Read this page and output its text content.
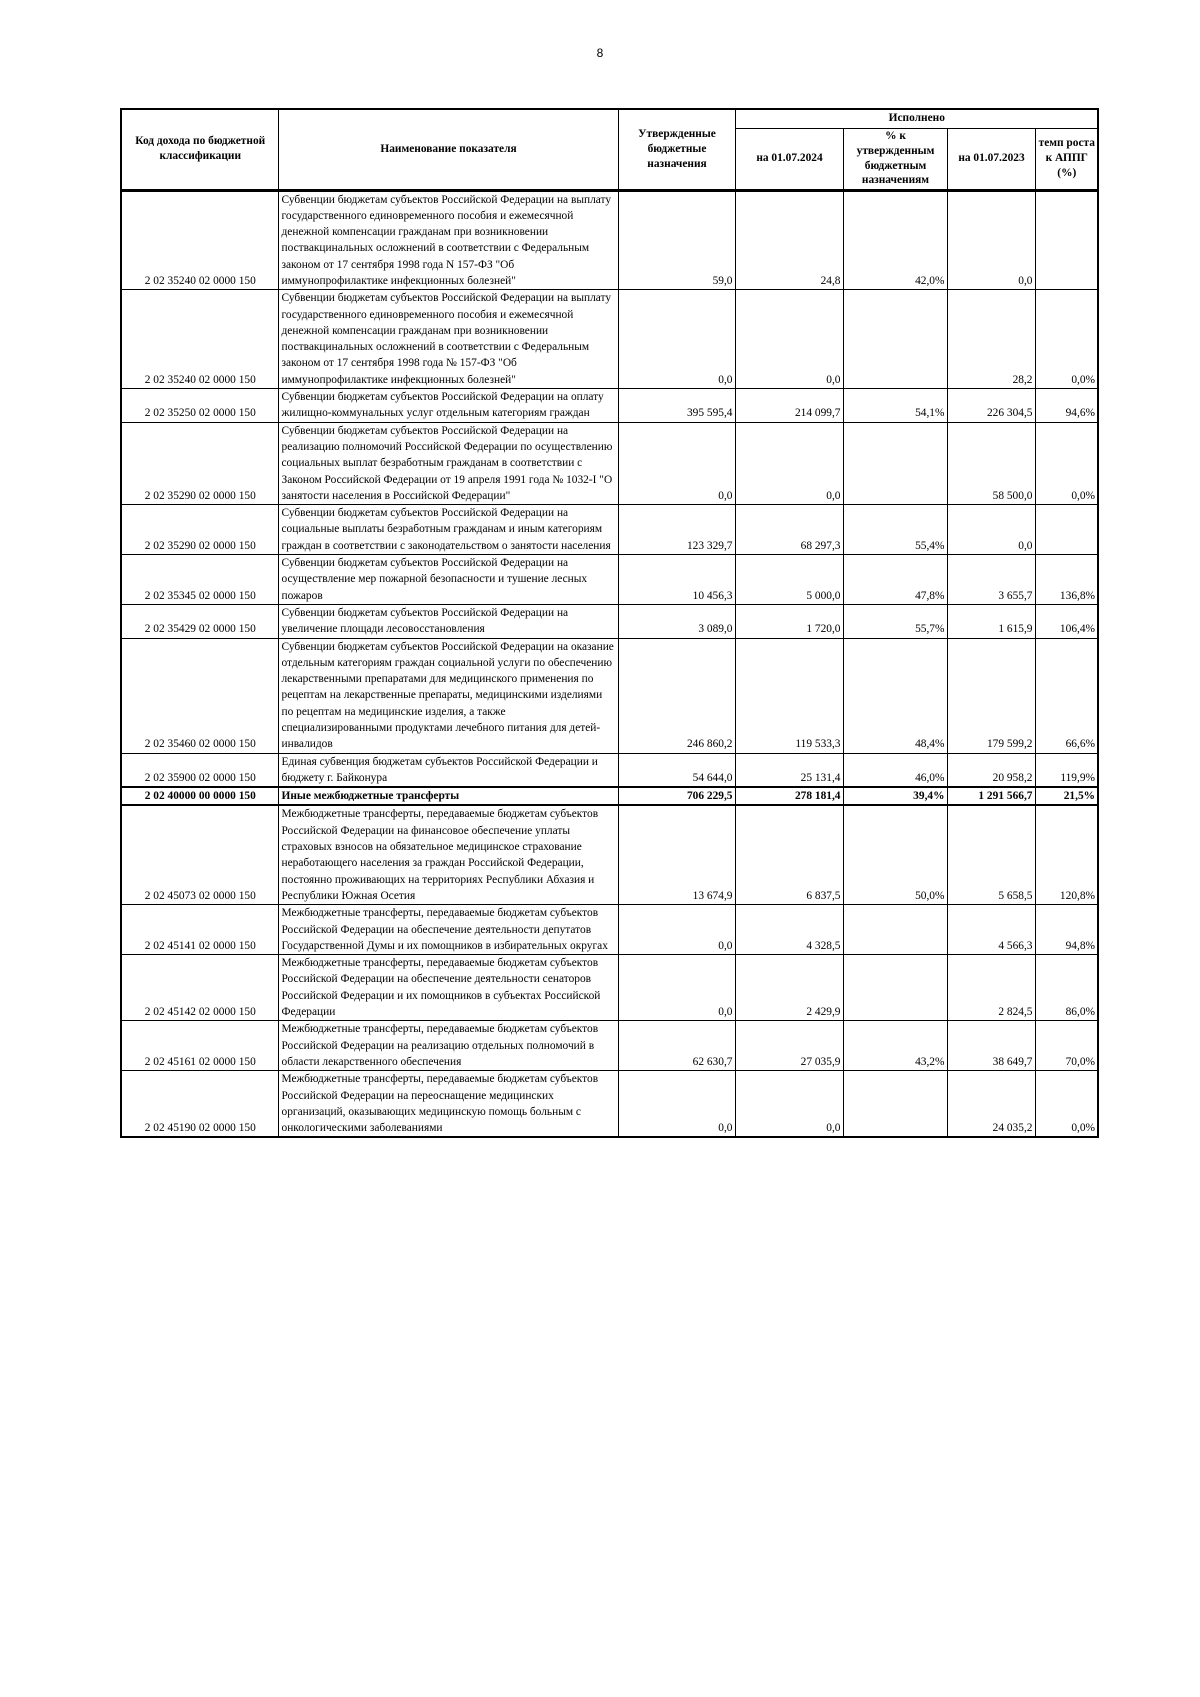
8
Код дохода по бюджетной классификации	Наименование показателя	Утвержденные бюджетные назначения	Исполнено			
			на 01.07.2024	% к утвержденным бюджетным назначениям	на 01.07.2023	темп роста к АППГ (%)
2 02 35240 02 0000 150	Субвенции бюджетам субъектов Российской Федерации на выплату государственного единовременного пособия и ежемесячной денежной компенсации гражданам при возникновении поствакцинальных осложнений в соответствии с Федеральным законом от 17 сентября 1998 года N 157-ФЗ "Об иммунопрофилактике инфекционных болезней"	59,0	24,8	42,0%	0,0	
2 02 35240 02 0000 150	Субвенции бюджетам субъектов Российской Федерации на выплату государственного единовременного пособия и ежемесячной денежной компенсации гражданам при возникновении поствакцинальных осложнений в соответствии с Федеральным законом от 17 сентября 1998 года № 157-ФЗ "Об иммунопрофилактике инфекционных болезней"	0,0	0,0		28,2	0,0%
2 02 35250 02 0000 150	Субвенции бюджетам субъектов Российской Федерации на оплату жилищно-коммунальных услуг отдельным категориям граждан	395 595,4	214 099,7	54,1%	226 304,5	94,6%
2 02 35290 02 0000 150	Субвенции бюджетам субъектов Российской Федерации на реализацию полномочий Российской Федерации по осуществлению социальных выплат безработным гражданам в соответствии с Законом Российской Федерации от 19 апреля 1991 года № 1032-I "О занятости населения в Российской Федерации"	0,0	0,0		58 500,0	0,0%
2 02 35290 02 0000 150	Субвенции бюджетам субъектов Российской Федерации на социальные выплаты безработным гражданам и иным категориям граждан в соответствии с законодательством о занятости населения	123 329,7	68 297,3	55,4%	0,0	
2 02 35345 02 0000 150	Субвенции бюджетам субъектов Российской Федерации на осуществление мер пожарной безопасности и тушение лесных пожаров	10 456,3	5 000,0	47,8%	3 655,7	136,8%
2 02 35429 02 0000 150	Субвенции бюджетам субъектов Российской Федерации на увеличение площади лесовосстановления	3 089,0	1 720,0	55,7%	1 615,9	106,4%
2 02 35460 02 0000 150	Субвенции бюджетам субъектов Российской Федерации на оказание отдельным категориям граждан социальной услуги по обеспечению лекарственными препаратами для медицинского применения по рецептам на лекарственные препараты, медицинскими изделиями по рецептам на медицинские изделия, а также специализированными продуктами лечебного питания для детей-инвалидов	246 860,2	119 533,3	48,4%	179 599,2	66,6%
2 02 35900 02 0000 150	Единая субвенция бюджетам субъектов Российской Федерации и бюджету г. Байконура	54 644,0	25 131,4	46,0%	20 958,2	119,9%
2 02 40000 00 0000 150	Иные межбюджетные трансферты	706 229,5	278 181,4	39,4%	1 291 566,7	21,5%
2 02 45073 02 0000 150	Межбюджетные трансферты, передаваемые бюджетам субъектов Российской Федерации на финансовое обеспечение уплаты страховых взносов на обязательное медицинское страхование неработающего населения за граждан Российской Федерации, постоянно проживающих на территориях Республики Абхазия и Республики Южная Осетия	13 674,9	6 837,5	50,0%	5 658,5	120,8%
2 02 45141 02 0000 150	Межбюджетные трансферты, передаваемые бюджетам субъектов Российской Федерации на обеспечение деятельности депутатов Государственной Думы и их помощников в избирательных округах	0,0	4 328,5		4 566,3	94,8%
2 02 45142 02 0000 150	Межбюджетные трансферты, передаваемые бюджетам субъектов Российской Федерации на обеспечение деятельности сенаторов Российской Федерации и их помощников в субъектах Российской Федерации	0,0	2 429,9		2 824,5	86,0%
2 02 45161 02 0000 150	Межбюджетные трансферты, передаваемые бюджетам субъектов Российской Федерации на реализацию отдельных полномочий в области лекарственного обеспечения	62 630,7	27 035,9	43,2%	38 649,7	70,0%
2 02 45190 02 0000 150	Межбюджетные трансферты, передаваемые бюджетам субъектов Российской Федерации на переоснащение медицинских организаций, оказывающих медицинскую помощь больным с онкологическими заболеваниями	0,0	0,0		24 035,2	0,0%
